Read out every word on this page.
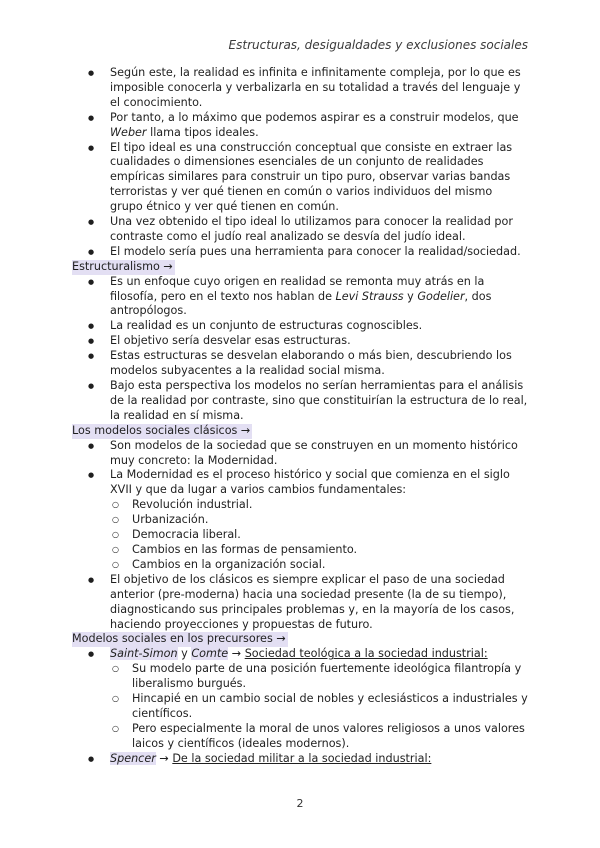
Estructuras, desigualdades y exclusiones sociales
● Según este, la realidad es infinita e infinitamente compleja, por lo que es imposible conocerla y verbalizarla en su totalidad a través del lenguaje y el conocimiento.
● Por tanto, a lo máximo que podemos aspirar es a construir modelos, que Weber llama tipos ideales.
● El tipo ideal es una construcción conceptual que consiste en extraer las cualidades o dimensiones esenciales de un conjunto de realidades empíricas similares para construir un tipo puro, observar varias bandas terroristas y ver qué tienen en común o varios individuos del mismo grupo étnico y ver qué tienen en común.
● Una vez obtenido el tipo ideal lo utilizamos para conocer la realidad por contraste como el judío real analizado se desvía del judío ideal.
● El modelo sería pues una herramienta para conocer la realidad/sociedad.
Estructuralismo →
● Es un enfoque cuyo origen en realidad se remonta muy atrás en la filosofía, pero en el texto nos hablan de Levi Strauss y Godelier, dos antropólogos.
● La realidad es un conjunto de estructuras cognoscibles.
● El objetivo sería desvelar esas estructuras.
● Estas estructuras se desvelan elaborando o más bien, descubriendo los modelos subyacentes a la realidad social misma.
● Bajo esta perspectiva los modelos no serían herramientas para el análisis de la realidad por contraste, sino que constituirían la estructura de lo real, la realidad en sí misma.
Los modelos sociales clásicos →
● Son modelos de la sociedad que se construyen en un momento histórico muy concreto: la Modernidad.
● La Modernidad es el proceso histórico y social que comienza en el siglo XVII y que da lugar a varios cambios fundamentales:
○ Revolución industrial.
○ Urbanización.
○ Democracia liberal.
○ Cambios en las formas de pensamiento.
○ Cambios en la organización social.
● El objetivo de los clásicos es siempre explicar el paso de una sociedad anterior (pre-moderna) hacia una sociedad presente (la de su tiempo), diagnosticando sus principales problemas y, en la mayoría de los casos, haciendo proyecciones y propuestas de futuro.
Modelos sociales en los precursores →
● Saint-Simon y Comte → Sociedad teológica a la sociedad industrial:
○ Su modelo parte de una posición fuertemente ideológica filantropía y liberalismo burgués.
○ Hincapié en un cambio social de nobles y eclesiásticos a industriales y científicos.
○ Pero especialmente la moral de unos valores religiosos a unos valores laicos y científicos (ideales modernos).
● Spencer → De la sociedad militar a la sociedad industrial:
2
